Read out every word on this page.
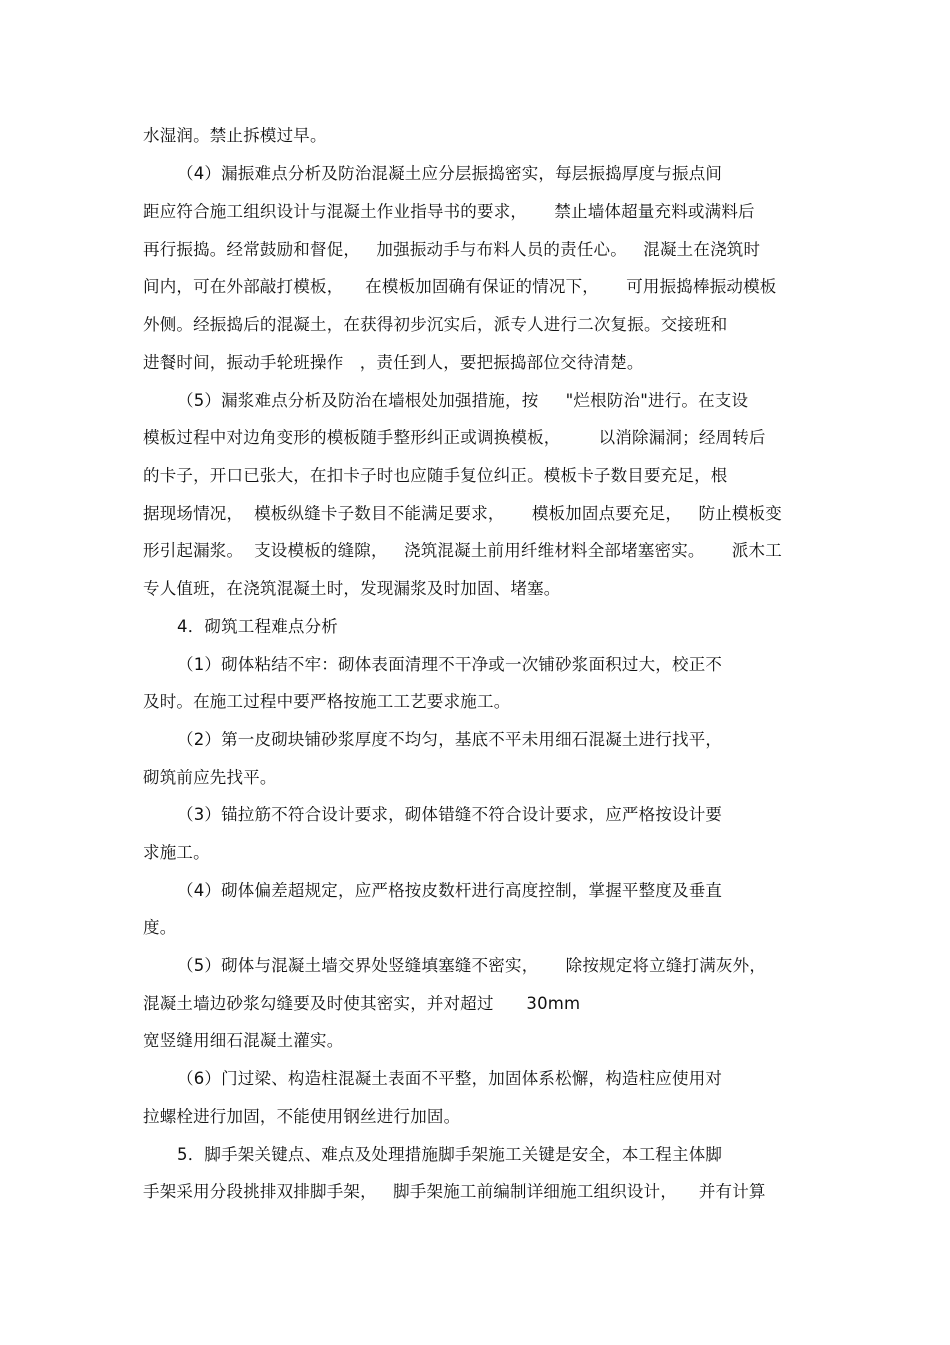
水湿润。禁止拆模过早。
（4）漏振难点分析及防治混凝土应分层振捣密实，每层振捣厚度与振点间
距应符合施工组织设计与混凝土作业指导书的要求，     禁止墙体超量充料或满料后
再行振捣。经常鼓励和督促，   加强振动手与布料人员的责任心。   混凝土在浇筑时
间内，可在外部敲打模板，    在模板加固确有保证的情况下，     可用振捣棒振动模板
外侧。经振捣后的混凝土，在获得初步沉实后，派专人进行二次复振。交接班和
进餐时间，振动手轮班操作   ，责任到人，要把振捣部位交待清楚。
（5）漏浆难点分析及防治在墙根处加强措施，按     "烂根防治"进行。在支设
模板过程中对边角变形的模板随手整形纠正或调换模板，       以消除漏洞；经周转后
的卡子，开口已张大，在扣卡子时也应随手复位纠正。模板卡子数目要充足，根
据现场情况，  模板纵缝卡子数目不能满足要求，     模板加固点要充足，   防止模板变
形引起漏浆。  支设模板的缝隙，   浇筑混凝土前用纤维材料全部堵塞密实。     派木工
专人值班，在浇筑混凝土时，发现漏浆及时加固、堵塞。
4．砌筑工程难点分析
（1）砌体粘结不牢：砌体表面清理不干净或一次铺砂浆面积过大，校正不
及时。在施工过程中要严格按施工工艺要求施工。
（2）第一皮砌块铺砂浆厚度不均匀，基底不平未用细石混凝土进行找平，
砌筑前应先找平。
（3）锚拉筋不符合设计要求，砌体错缝不符合设计要求，应严格按设计要
求施工。
（4）砌体偏差超规定，应严格按皮数杆进行高度控制，掌握平整度及垂直
度。
（5）砌体与混凝土墙交界处竖缝填塞缝不密实，     除按规定将立缝打满灰外，
混凝土墙边砂浆勾缝要及时使其密实，并对超过      30mm
宽竖缝用细石混凝土灌实。
（6）门过梁、构造柱混凝土表面不平整，加固体系松懈，构造柱应使用对
拉螺栓进行加固，不能使用钢丝进行加固。
5．脚手架关键点、难点及处理措施脚手架施工关键是安全，本工程主体脚
手架采用分段挑排双排脚手架，   脚手架施工前编制详细施工组织设计，    并有计算
